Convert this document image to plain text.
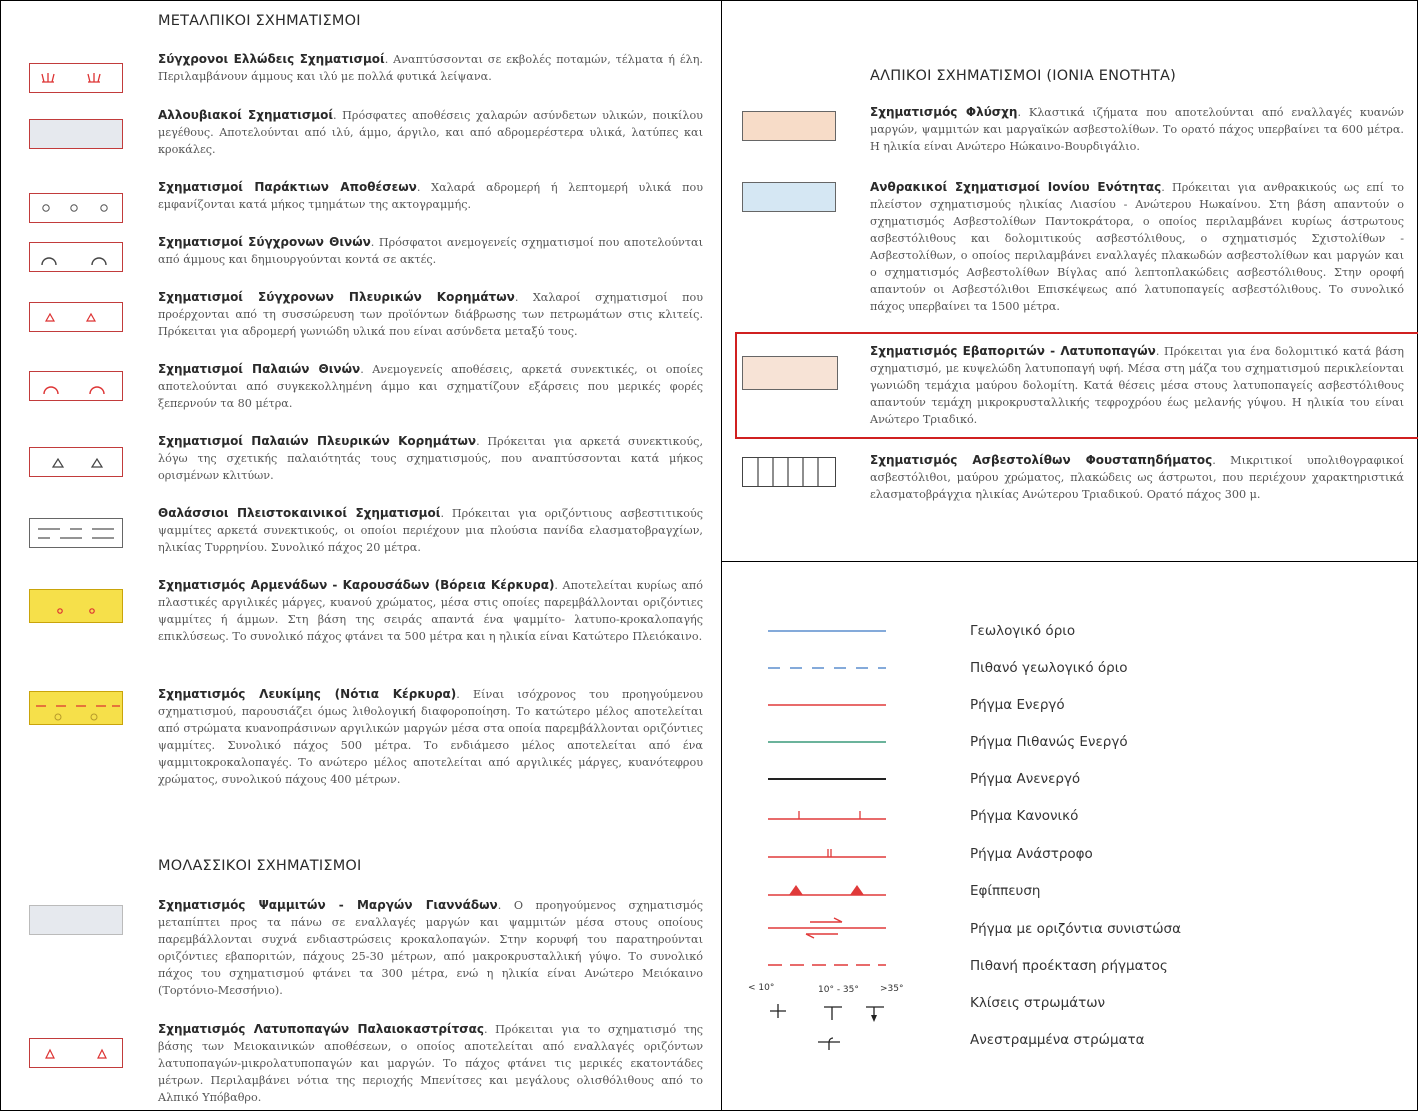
ΜΕΤΑΛΠΙΚΟΙ ΣΧΗΜΑΤΙΣΜΟΙ
Σύγχρονοι Ελλώδεις Σχηματισμοί. Αναπτύσσονται σε εκβολές ποταμών, τέλματα ή έλη. Περιλαμβάνουν άμμους και ιλύ με πολλά φυτικά λείψανα.
Αλλουβιακοί Σχηματισμοί. Πρόσφατες αποθέσεις χαλαρών ασύνδετων υλικών, ποικίλου μεγέθους. Αποτελούνται από ιλύ, άμμο, άργιλο, και από αδρομερέστερα υλικά, λατύπες και κροκάλες.
Σχηματισμοί Παράκτιων Αποθέσεων. Χαλαρά αδρομερή ή λεπτομερή υλικά που εμφανίζονται κατά μήκος τμημάτων της ακτογραμμής.
Σχηματισμοί Σύγχρονων Θινών. Πρόσφατοι ανεμογενείς σχηματισμοί που αποτελούνται από άμμους και δημιουργούνται κοντά σε ακτές.
Σχηματισμοί Σύγχρονων Πλευρικών Κορημάτων. Χαλαροί σχηματισμοί που προέρχονται από τη συσσώρευση των προϊόντων διάβρωσης των πετρωμάτων στις κλιτείς. Πρόκειται για αδρομερή γωνιώδη υλικά που είναι ασύνδετα μεταξύ τους.
Σχηματισμοί Παλαιών Θινών. Ανεμογενείς αποθέσεις, αρκετά συνεκτικές, οι οποίες αποτελούνται από συγκεκολλημένη άμμο και σχηματίζουν εξάρσεις που μερικές φορές ξεπερνούν τα 80 μέτρα.
Σχηματισμοί Παλαιών Πλευρικών Κορημάτων. Πρόκειται για αρκετά συνεκτικούς, λόγω της σχετικής παλαιότητάς τους σχηματισμούς, που αναπτύσσονται κατά μήκος ορισμένων κλιτύων.
Θαλάσσιοι Πλειστοκαινικοί Σχηματισμοί. Πρόκειται για οριζόντιους ασβεστιτικούς ψαμμίτες αρκετά συνεκτικούς, οι οποίοι περιέχουν μια πλούσια πανίδα ελασματοβραγχίων, ηλικίας Τυρρηνίου. Συνολικό πάχος 20 μέτρα.
Σχηματισμός Αρμενάδων - Καρουσάδων (Βόρεια Κέρκυρα). Αποτελείται κυρίως από πλαστικές αργιλικές μάργες, κυανού χρώματος, μέσα στις οποίες παρεμβάλλονται οριζόντιες ψαμμίτες ή άμμων. Στη βάση της σειράς απαντά ένα ψαμμίτο- λατυπο-κροκαλοπαγής επικλύσεως. Το συνολικό πάχος φτάνει τα 500 μέτρα και η ηλικία είναι Κατώτερο Πλειόκαινο.
Σχηματισμός Λευκίμης (Νότια Κέρκυρα). Είναι ισόχρονος του προηγούμενου σχηματισμού, παρουσιάζει όμως λιθολογική διαφοροποίηση. Το κατώτερο μέλος αποτελείται από στρώματα κυανοπράσινων αργιλικών μαργών μέσα στα οποία παρεμβάλλονται οριζόντιες ψαμμίτες. Συνολικό πάχος 500 μέτρα. Το ενδιάμεσο μέλος αποτελείται από ένα ψαμμιτοκροκαλοπαγές. Το ανώτερο μέλος αποτελείται από αργιλικές μάργες, κυανότεφρου χρώματος, συνολικού πάχους 400 μέτρων.
ΜΟΛΑΣΣΙΚΟΙ ΣΧΗΜΑΤΙΣΜΟΙ
Σχηματισμός Ψαμμιτών - Μαργών Γιαννάδων. Ο προηγούμενος σχηματισμός μεταπίπτει προς τα πάνω σε εναλλαγές μαργών και ψαμμιτών μέσα στους οποίους παρεμβάλλονται συχνά ενδιαστρώσεις κροκαλοπαγών. Στην κορυφή του παρατηρούνται οριζόντιες εβαποριτών, πάχους 25-30 μέτρων, από μακροκρυσταλλική γύψο. Το συνολικό πάχος του σχηματισμού φτάνει τα 300 μέτρα, ενώ η ηλικία είναι Ανώτερο Μειόκαινο (Τορτόνιο-Μεσσήνιο).
Σχηματισμός Λατυποπαγών Παλαιοκαστρίτσας. Πρόκειται για το σχηματισμό της βάσης των Μειοκαινικών αποθέσεων, ο οποίος αποτελείται από εναλλαγές οριζόντων λατυποπαγών-μικρολατυποπαγών και μαργών. Το πάχος φτάνει τις μερικές εκατοντάδες μέτρων. Περιλαμβάνει νότια της περιοχής Μπενίτσες και μεγάλους ολισθόλιθους από το Αλπικό Υπόβαθρο.
ΑΛΠΙΚΟΙ ΣΧΗΜΑΤΙΣΜΟΙ (ΙΟΝΙΑ ΕΝΟΤΗΤΑ)
Σχηματισμός Φλύσχη. Κλαστικά ιζήματα που αποτελούνται από εναλλαγές κυανών μαργών, ψαμμιτών και μαργαϊκών ασβεστολίθων. Το ορατό πάχος υπερβαίνει τα 600 μέτρα. Η ηλικία είναι Ανώτερο Ηώκαινο-Βουρδιγάλιο.
Ανθρακικοί Σχηματισμοί Ιονίου Ενότητας. Πρόκειται για ανθρακικούς ως επί το πλείστον σχηματισμούς ηλικίας Λιασίου - Ανώτερου Ηωκαίνου. Στη βάση απαντούν ο σχηματισμός Ασβεστολίθων Παντοκράτορα, ο οποίος περιλαμβάνει κυρίως άστρωτους ασβεστόλιθους και δολομιτικούς ασβεστόλιθους, ο σχηματισμός Σχιστολίθων - Ασβεστολίθων, ο οποίος περιλαμβάνει εναλλαγές πλακωδών ασβεστολίθων και μαργών και ο σχηματισμός Ασβεστολίθων Βίγλας από λεπτοπλακώδεις ασβεστόλιθους. Στην οροφή απαντούν οι Ασβεστόλιθοι Επισκέψεως από λατυποπαγείς ασβεστόλιθους. Το συνολικό πάχος υπερβαίνει τα 1500 μέτρα.
Σχηματισμός Εβαποριτών - Λατυποπαγών. Πρόκειται για ένα δολομιτικό κατά βάση σχηματισμό, με κυψελώδη λατυποπαγή υφή. Μέσα στη μάζα του σχηματισμού περικλείονται γωνιώδη τεμάχια μαύρου δολομίτη. Κατά θέσεις μέσα στους λατυποπαγείς ασβεστόλιθους απαντούν τεμάχη μικροκρυσταλλικής τεφροχρόου έως μελανής γύψου. Η ηλικία του είναι Ανώτερο Τριαδικό.
Σχηματισμός Ασβεστολίθων Φουσταπηδήματος. Μικριτικοί υπολιθογραφικοί ασβεστόλιθοι, μαύρου χρώματος, πλακώδεις ως άστρωτοι, που περιέχουν χαρακτηριστικά ελασματοβράγχια ηλικίας Ανώτερου Τριαδικού. Ορατό πάχος 300 μ.
Γεωλογικό όριο
Πιθανό γεωλογικό όριο
Ρήγμα Ενεργό
Ρήγμα Πιθανώς Ενεργό
Ρήγμα Ανενεργό
Ρήγμα Κανονικό
Ρήγμα Ανάστροφο
Εφίππευση
Ρήγμα με οριζόντια συνιστώσα
Πιθανή προέκταση ρήγματος
< 10°	10° - 35° >35°
Κλίσεις στρωμάτων
Ανεστραμμένα στρώματα
